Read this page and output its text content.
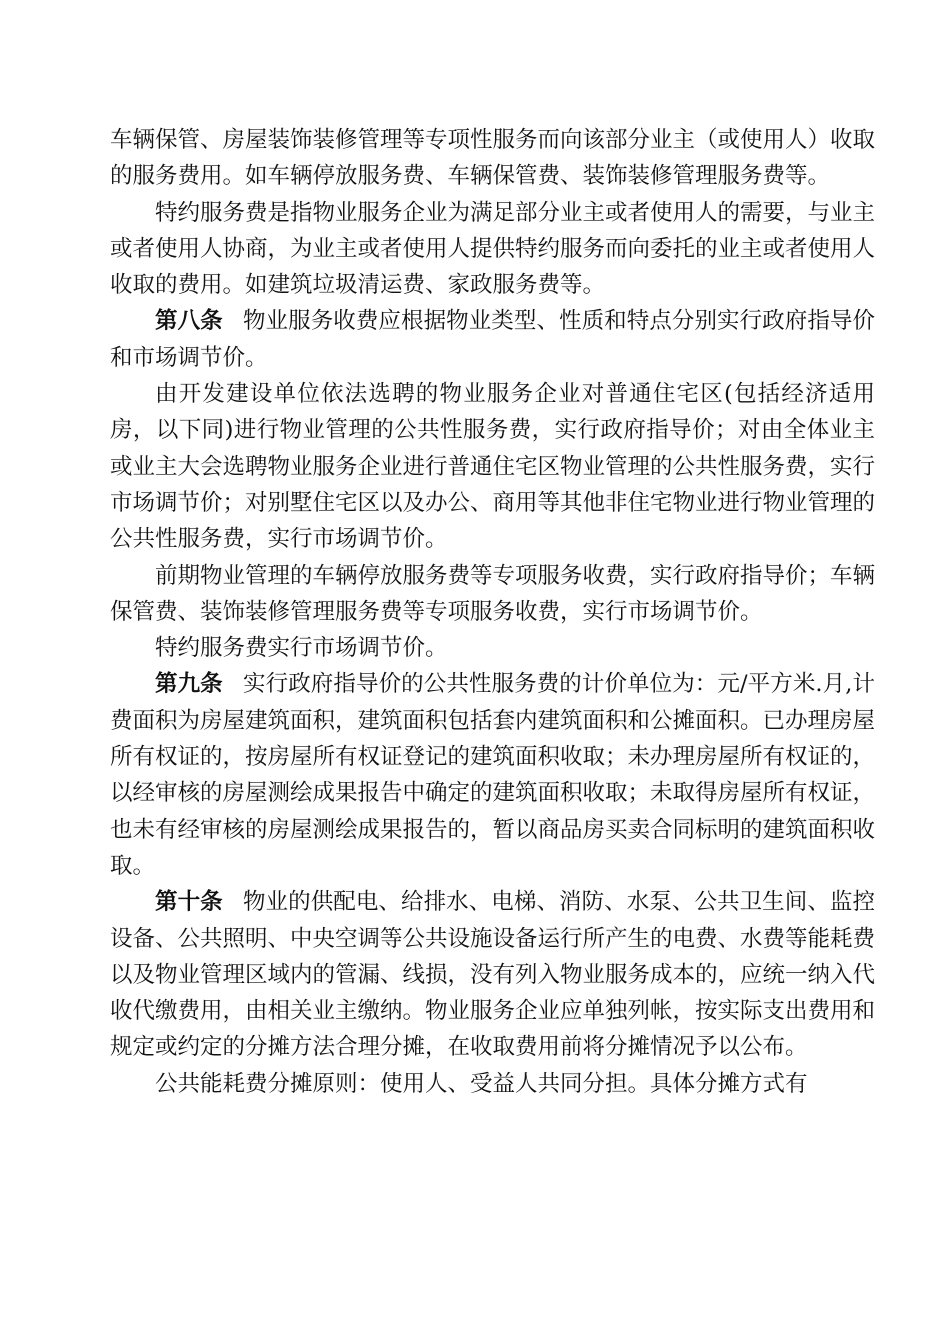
车辆保管、房屋装饰装修管理等专项性服务而向该部分业主（或使用人）收取的服务费用。如车辆停放服务费、车辆保管费、装饰装修管理服务费等。

特约服务费是指物业服务企业为满足部分业主或者使用人的需要，与业主或者使用人协商，为业主或者使用人提供特约服务而向委托的业主或者使用人收取的费用。如建筑垃圾清运费、家政服务费等。

第八条 物业服务收费应根据物业类型、性质和特点分别实行政府指导价和市场调节价。

由开发建设单位依法选聘的物业服务企业对普通住宅区(包括经济适用房，以下同)进行物业管理的公共性服务费，实行政府指导价；对由全体业主或业主大会选聘物业服务企业进行普通住宅区物业管理的公共性服务费，实行市场调节价；对别墅住宅区以及办公、商用等其他非住宅物业进行物业管理的公共性服务费，实行市场调节价。

前期物业管理的车辆停放服务费等专项服务收费，实行政府指导价；车辆保管费、装饰装修管理服务费等专项服务收费，实行市场调节价。

特约服务费实行市场调节价。

第九条 实行政府指导价的公共性服务费的计价单位为：元/平方米.月,计费面积为房屋建筑面积，建筑面积包括套内建筑面积和公摊面积。已办理房屋所有权证的，按房屋所有权证登记的建筑面积收取；未办理房屋所有权证的，以经审核的房屋测绘成果报告中确定的建筑面积收取；未取得房屋所有权证，也未有经审核的房屋测绘成果报告的，暂以商品房买卖合同标明的建筑面积收取。

第十条 物业的供配电、给排水、电梯、消防、水泵、公共卫生间、监控设备、公共照明、中央空调等公共设施设备运行所产生的电费、水费等能耗费以及物业管理区域内的管漏、线损，没有列入物业服务成本的，应统一纳入代收代缴费用，由相关业主缴纳。物业服务企业应单独列帐，按实际支出费用和规定或约定的分摊方法合理分摊，在收取费用前将分摊情况予以公布。

公共能耗费分摊原则：使用人、受益人共同分担。具体分摊方式有
